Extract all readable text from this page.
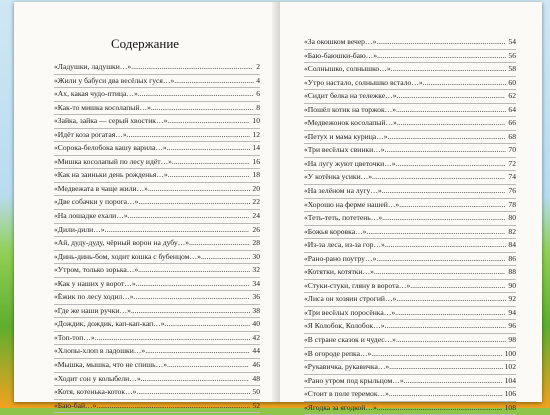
Содержание
«Ладушки, ладушки…»................................................................ 2
«Жили у бабуси два весёлых гуся…».......................................... 4
«Ах, какая чудо-птица…»............................................................. 6
«Как-то мишка косолапый…»...................................................... 8
«Зайка, зайка — серый хвостик…»........................................... 10
«Идёт коза рогатая…»................................................................. 12
«Сорока-белобока кашу варила…»............................................ 14
«Мишка косолапый по лесу идёт…»......................................... 16
«Как на заиньки день рожденья…»........................................... 18
«Медвежата в чаще жили…»...................................................... 20
«Две собачки у порога…»........................................................... 22
«На лошадке ехали…»................................................................ 24
«Дили-дили…»............................................................................ 26
«Ай, дуду-дуду, чёрный ворон на дубу…»................................ 28
«Динь-динь-бом, ходит кошка с бубенцом…».......................... 30
«Утром, только зорька…»........................................................... 32
«Как у наших у ворот…»............................................................ 34
«Ёжик по лесу ходил…»............................................................. 36
«Где же наши ручки…»............................................................... 38
«Дождик, дождик, кап-кап-кап…»............................................. 40
«Топ-топ…».................................................................................. 42
«Хлопы-хлоп в ладошки…»....................................................... 44
«Мышка, мышка, что не спишь…»........................................... 46
«Ходит сон у колыбели…»......................................................... 48
«Котя, котенька-коток…»............................................................ 50
«Баю-бай…»................................................................................. 52
«За окошком вечер…».................................................................... 54
«Баю-баюшки-баю…».................................................................... 56
«Солнышко, солнышко…»............................................................. 58
«Утро настало, солнышко встало…»............................................ 60
«Сидит белка на тележке…»......................................................... 62
«Пошёл котик на торжок…».......................................................... 64
«Медвежонок косолапый…»......................................................... 66
«Петух и мама курица…».............................................................. 68
«Три весёлых свинки…»................................................................ 70
«На лугу жуют цветочки…».......................................................... 72
«У котёнка усики…»...................................................................... 74
«На зелёном на лугу…»................................................................. 76
«Хорошо на ферме нашей…»........................................................ 78
«Теть-теть, потетень…»................................................................. 80
«Божья коровка…»......................................................................... 82
«Из-за леса, из-за гор…»................................................................ 84
«Рано-рано поутру…».................................................................... 86
«Котятки, котятки…»..................................................................... 88
«Стуки-стуки, гляну в ворота…».................................................. 90
«Лиса он хозяин строгий…».......................................................... 92
«Три весёлых поросёнка…».......................................................... 94
«Я Колобок, Колобок…»................................................................ 96
«В стране сказок и чудес…».......................................................... 98
«В огороде репка…»..................................................................... 100
«Рукавичка, рукавичка…»............................................................ 102
«Рано утром под крыльцом…».................................................... 104
«Стоит в поле теремок…»............................................................ 106
«Ягодка за ягодкой…».................................................................. 108
